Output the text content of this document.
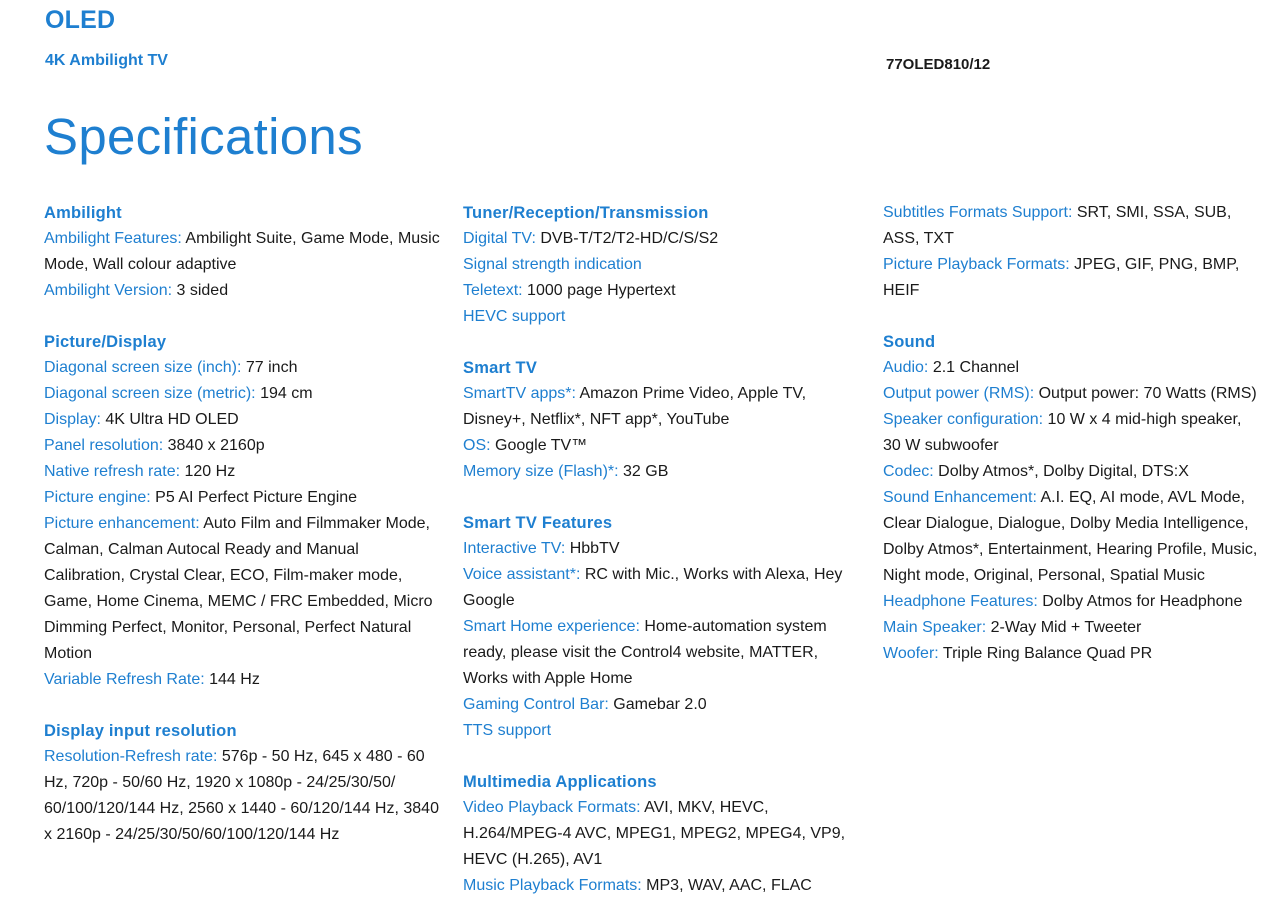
OLED
4K Ambilight TV	77OLED810/12
Specifications
Ambilight
Ambilight Features: Ambilight Suite, Game Mode, Music Mode, Wall colour adaptive
Ambilight Version: 3 sided
Picture/Display
Diagonal screen size (inch): 77 inch
Diagonal screen size (metric): 194 cm
Display: 4K Ultra HD OLED
Panel resolution: 3840 x 2160p
Native refresh rate: 120 Hz
Picture engine: P5 AI Perfect Picture Engine
Picture enhancement: Auto Film and Filmmaker Mode, Calman, Calman Autocal Ready and Manual Calibration, Crystal Clear, ECO, Film-maker mode, Game, Home Cinema, MEMC / FRC Embedded, Micro Dimming Perfect, Monitor, Personal, Perfect Natural Motion
Variable Refresh Rate: 144 Hz
Display input resolution
Resolution-Refresh rate: 576p - 50 Hz, 645 x 480 - 60 Hz, 720p - 50/60 Hz, 1920 x 1080p - 24/25/30/50/ 60/100/120/144 Hz, 2560 x 1440 - 60/120/144 Hz, 3840 x 2160p - 24/25/30/50/60/100/120/144 Hz
Tuner/Reception/Transmission
Digital TV: DVB-T/T2/T2-HD/C/S/S2
Signal strength indication
Teletext: 1000 page Hypertext
HEVC support
Smart TV
SmartTV apps*: Amazon Prime Video, Apple TV, Disney+, Netflix*, NFT app*, YouTube
OS: Google TV™
Memory size (Flash)*: 32 GB
Smart TV Features
Interactive TV: HbbTV
Voice assistant*: RC with Mic., Works with Alexa, Hey Google
Smart Home experience: Home-automation system ready, please visit the Control4 website, MATTER, Works with Apple Home
Gaming Control Bar: Gamebar 2.0
TTS support
Multimedia Applications
Video Playback Formats: AVI, MKV, HEVC, H.264/MPEG-4 AVC, MPEG1, MPEG2, MPEG4, VP9, HEVC (H.265), AV1
Music Playback Formats: MP3, WAV, AAC, FLAC
Subtitles Formats Support: SRT, SMI, SSA, SUB, ASS, TXT
Picture Playback Formats: JPEG, GIF, PNG, BMP, HEIF
Sound
Audio: 2.1 Channel
Output power (RMS): Output power: 70 Watts (RMS)
Speaker configuration: 10 W x 4 mid-high speaker, 30 W subwoofer
Codec: Dolby Atmos*, Dolby Digital, DTS:X
Sound Enhancement: A.I. EQ, AI mode, AVL Mode, Clear Dialogue, Dialogue, Dolby Media Intelligence, Dolby Atmos*, Entertainment, Hearing Profile, Music, Night mode, Original, Personal, Spatial Music
Headphone Features: Dolby Atmos for Headphone
Main Speaker: 2-Way Mid + Tweeter
Woofer: Triple Ring Balance Quad PR
